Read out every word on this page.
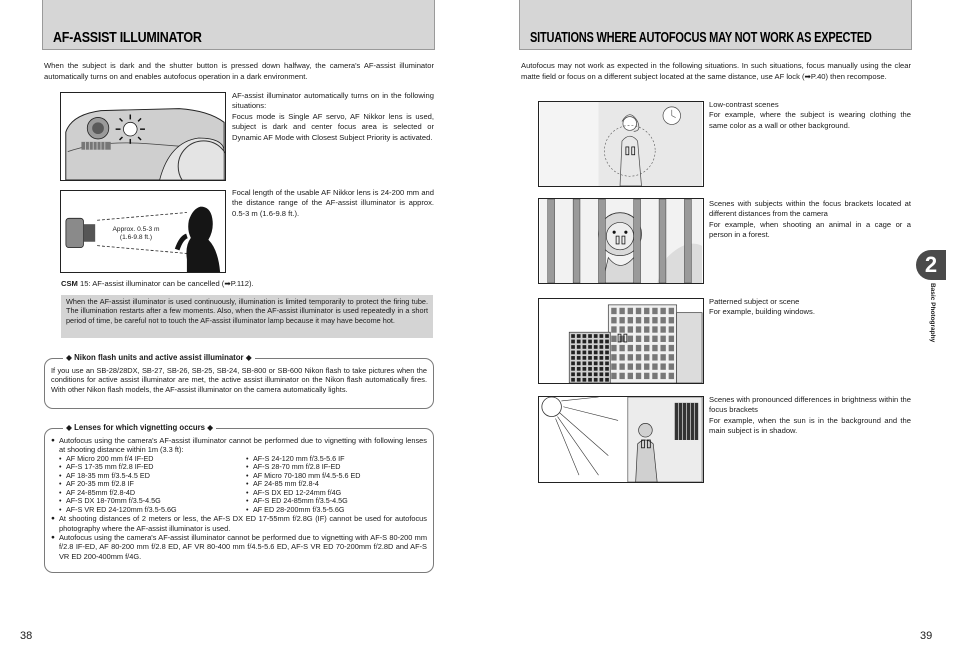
AF-ASSIST ILLUMINATOR

When the subject is dark and the shutter button is pressed down halfway, the camera's AF-assist illuminator automatically turns on and enables autofocus operation in a dark environment.

AF-assist illuminator automatically turns on in the following situations:
Focus mode is Single AF servo, AF Nikkor lens is used, subject is dark and center focus area is selected or Dynamic AF Mode with Closest Subject Priority is activated.

Approx. 0.5-3 m
(1.6-9.8 ft.)

Focal length of the usable AF Nikkor lens is 24-200 mm and the distance range of the AF-assist illuminator is approx. 0.5-3 m (1.6-9.8 ft.).

CSM 15: AF-assist illuminator can be cancelled (➡P.112).

When the AF-assist illuminator is used continuously, illumination is limited temporarily to protect the firing tube. The illumination restarts after a few moments. Also, when the AF-assist illuminator is used repeatedly in a short period of time, be careful not to touch the AF-assist illuminator lamp because it may have become hot.
◆ Nikon flash units and active assist illuminator ◆
If you use an SB-28/28DX, SB-27, SB-26, SB-25, SB-24, SB-800 or SB-600 Nikon flash to take pictures when the conditions for active assist illuminator are met, the active assist illuminator on the Nikon flash automatically fires. With other Nikon flash models, the AF-assist illuminator on the camera automatically lights.
◆ Lenses for which vignetting occurs ◆
● Autofocus using the camera's AF-assist illuminator cannot be performed due to vignetting with following lenses at shooting distance within 1m (3.3 ft):
• AF Micro 200 mm f/4 IF-ED	• AF-S 24-120 mm f/3.5-5.6 IF
• AF-S 17-35 mm f/2.8 IF-ED	• AF-S 28-70 mm f/2.8 IF-ED
• AF 18-35 mm f/3.5-4.5 ED	• AF Micro 70-180 mm f/4.5-5.6 ED
• AF 20-35 mm f/2.8 IF	• AF 24-85 mm f/2.8-4
• AF 24-85mm f/2.8-4D	• AF-S DX ED 12-24mm f/4G
• AF-S DX 18-70mm f/3.5-4.5G	• AF-S ED 24-85mm f/3.5-4.5G
• AF-S VR ED 24-120mm f/3.5-5.6G	• AF ED 28-200mm f/3.5-5.6G
● At shooting distances of 2 meters or less, the AF-S DX ED 17-55mm f/2.8G (IF) cannot be used for autofocus photography where the AF-assist illuminator is used.
● Autofocus using the camera's AF-assist illuminator cannot be performed due to vignetting with AF-S 80-200 mm f/2.8 IF-ED, AF 80-200 mm f/2.8 ED, AF VR 80-400 mm f/4.5-5.6 ED, AF-S VR ED 70-200mm f/2.8D and AF-S VR ED 200-400mm f/4G.
38
SITUATIONS WHERE AUTOFOCUS MAY NOT WORK AS EXPECTED

Autofocus may not work as expected in the following situations. In such situations, focus manually using the clear matte field or focus on a different subject located at the same distance, use AF lock (➡P.40) then recompose.

Low-contrast scenes
For example, where the subject is wearing clothing the same color as a wall or other background.

Scenes with subjects within the focus brackets located at different distances from the camera
For example, when shooting an animal in a cage or a person in a forest.

Patterned subject or scene
For example, building windows.

Scenes with pronounced differences in brightness within the focus brackets
For example, when the sun is in the background and the main subject is in shadow.

39
2
Basic Photography
